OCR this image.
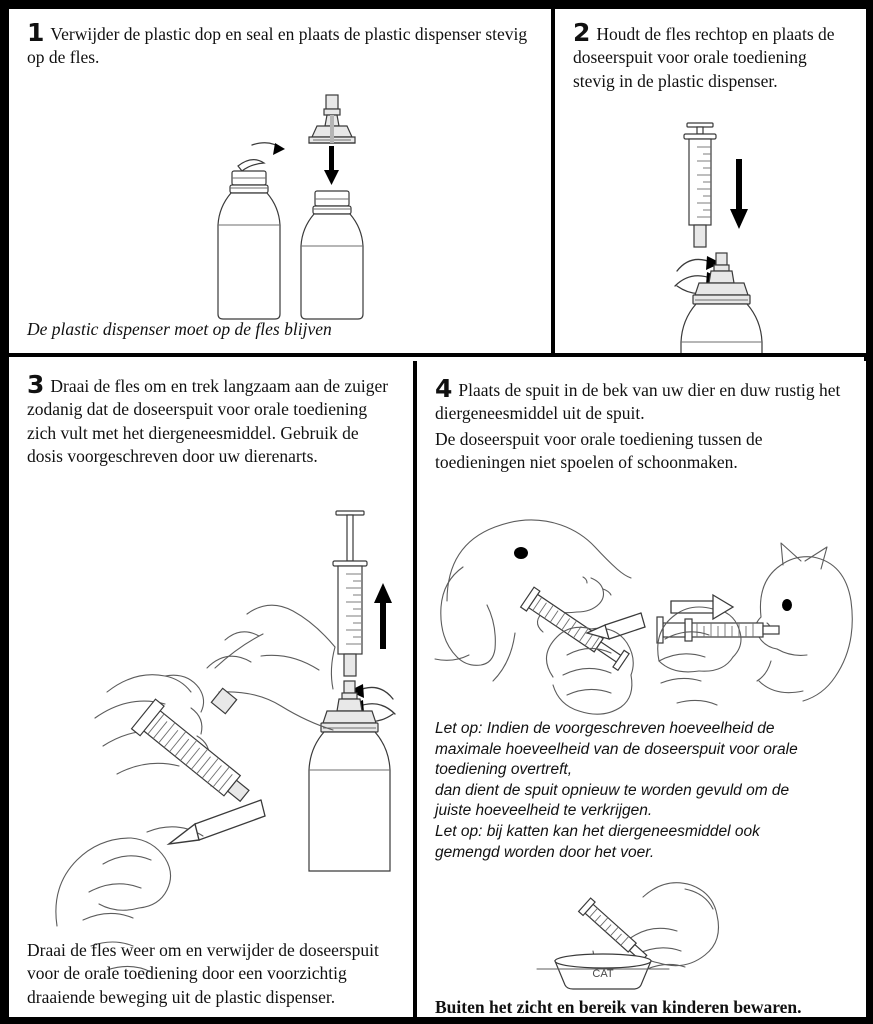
1 Verwijder de plastic dop en seal en plaats de plastic dispenser stevig op de fles.

De plastic dispenser moet op de fles blijven

2 Houdt de fles rechtop en plaats de doseerspuit voor orale toediening stevig in de plastic dispenser.

3 Draai de fles om en trek langzaam aan de zuiger zodanig dat de doseerspuit voor orale toediening zich vult met het diergeneesmiddel. Gebruik de dosis voorgeschreven door uw dierenarts.

Draai de fles weer om en verwijder de doseerspuit voor de orale toediening door een voorzichtig draaiende beweging uit de plastic dispenser.

4 Plaats de spuit in de bek van uw dier en duw rustig het diergeneesmiddel uit de spuit.

De doseerspuit voor orale toediening tussen de toedieningen niet spoelen of schoonmaken.

Let op: Indien de voorgeschreven hoeveelheid de

maximale hoeveelheid van de doseerspuit voor orale

toediening overtreft,

dan dient de spuit opnieuw te worden gevuld om de

juiste hoeveelheid te verkrijgen.

Let op: bij katten kan het diergeneesmiddel ook

gemengd worden door het voer.

CAT

Buiten het zicht en bereik van kinderen bewaren.
